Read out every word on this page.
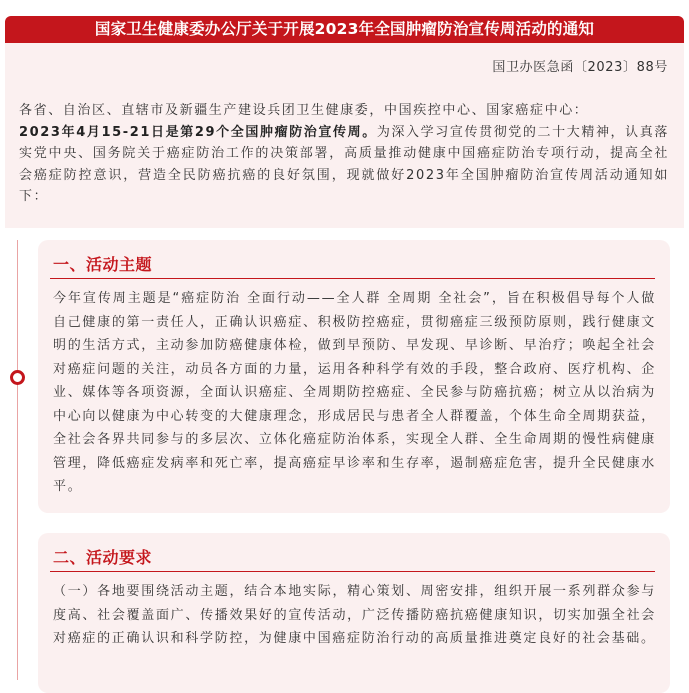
国家卫生健康委办公厅关于开展2023年全国肿瘤防治宣传周活动的通知
国卫办医急函〔2023〕88号

各省、自治区、直辖市及新疆生产建设兵团卫生健康委，中国疾控中心、国家癌症中心：
2023年4月15-21日是第29个全国肿瘤防治宣传周。为深入学习宣传贯彻党的二十大精神，认真落实党中央、国务院关于癌症防治工作的决策部署，高质量推动健康中国癌症防治专项行动，提高全社会癌症防控意识，营造全民防癌抗癌的良好氛围，现就做好2023年全国肿瘤防治宣传周活动通知如下：

一、活动主题

今年宣传周主题是“癌症防治 全面行动——全人群 全周期 全社会”，旨在积极倡导每个人做自己健康的第一责任人，正确认识癌症、积极防控癌症，贯彻癌症三级预防原则，践行健康文明的生活方式，主动参加防癌健康体检，做到早预防、早发现、早诊断、早治疗；唤起全社会对癌症问题的关注，动员各方面的力量，运用各种科学有效的手段，整合政府、医疗机构、企业、媒体等各项资源，全面认识癌症、全周期防控癌症、全民参与防癌抗癌；树立从以治病为中心向以健康为中心转变的大健康理念，形成居民与患者全人群覆盖，个体生命全周期获益，全社会各界共同参与的多层次、立体化癌症防治体系，实现全人群、全生命周期的慢性病健康管理，降低癌症发病率和死亡率，提高癌症早诊率和生存率，遏制癌症危害，提升全民健康水平。

二、活动要求

（一）各地要围绕活动主题，结合本地实际，精心策划、周密安排，组织开展一系列群众参与度高、社会覆盖面广、传播效果好的宣传活动，广泛传播防癌抗癌健康知识，切实加强全社会对癌症的正确认识和科学防控，为健康中国癌症防治行动的高质量推进奠定良好的社会基础。
